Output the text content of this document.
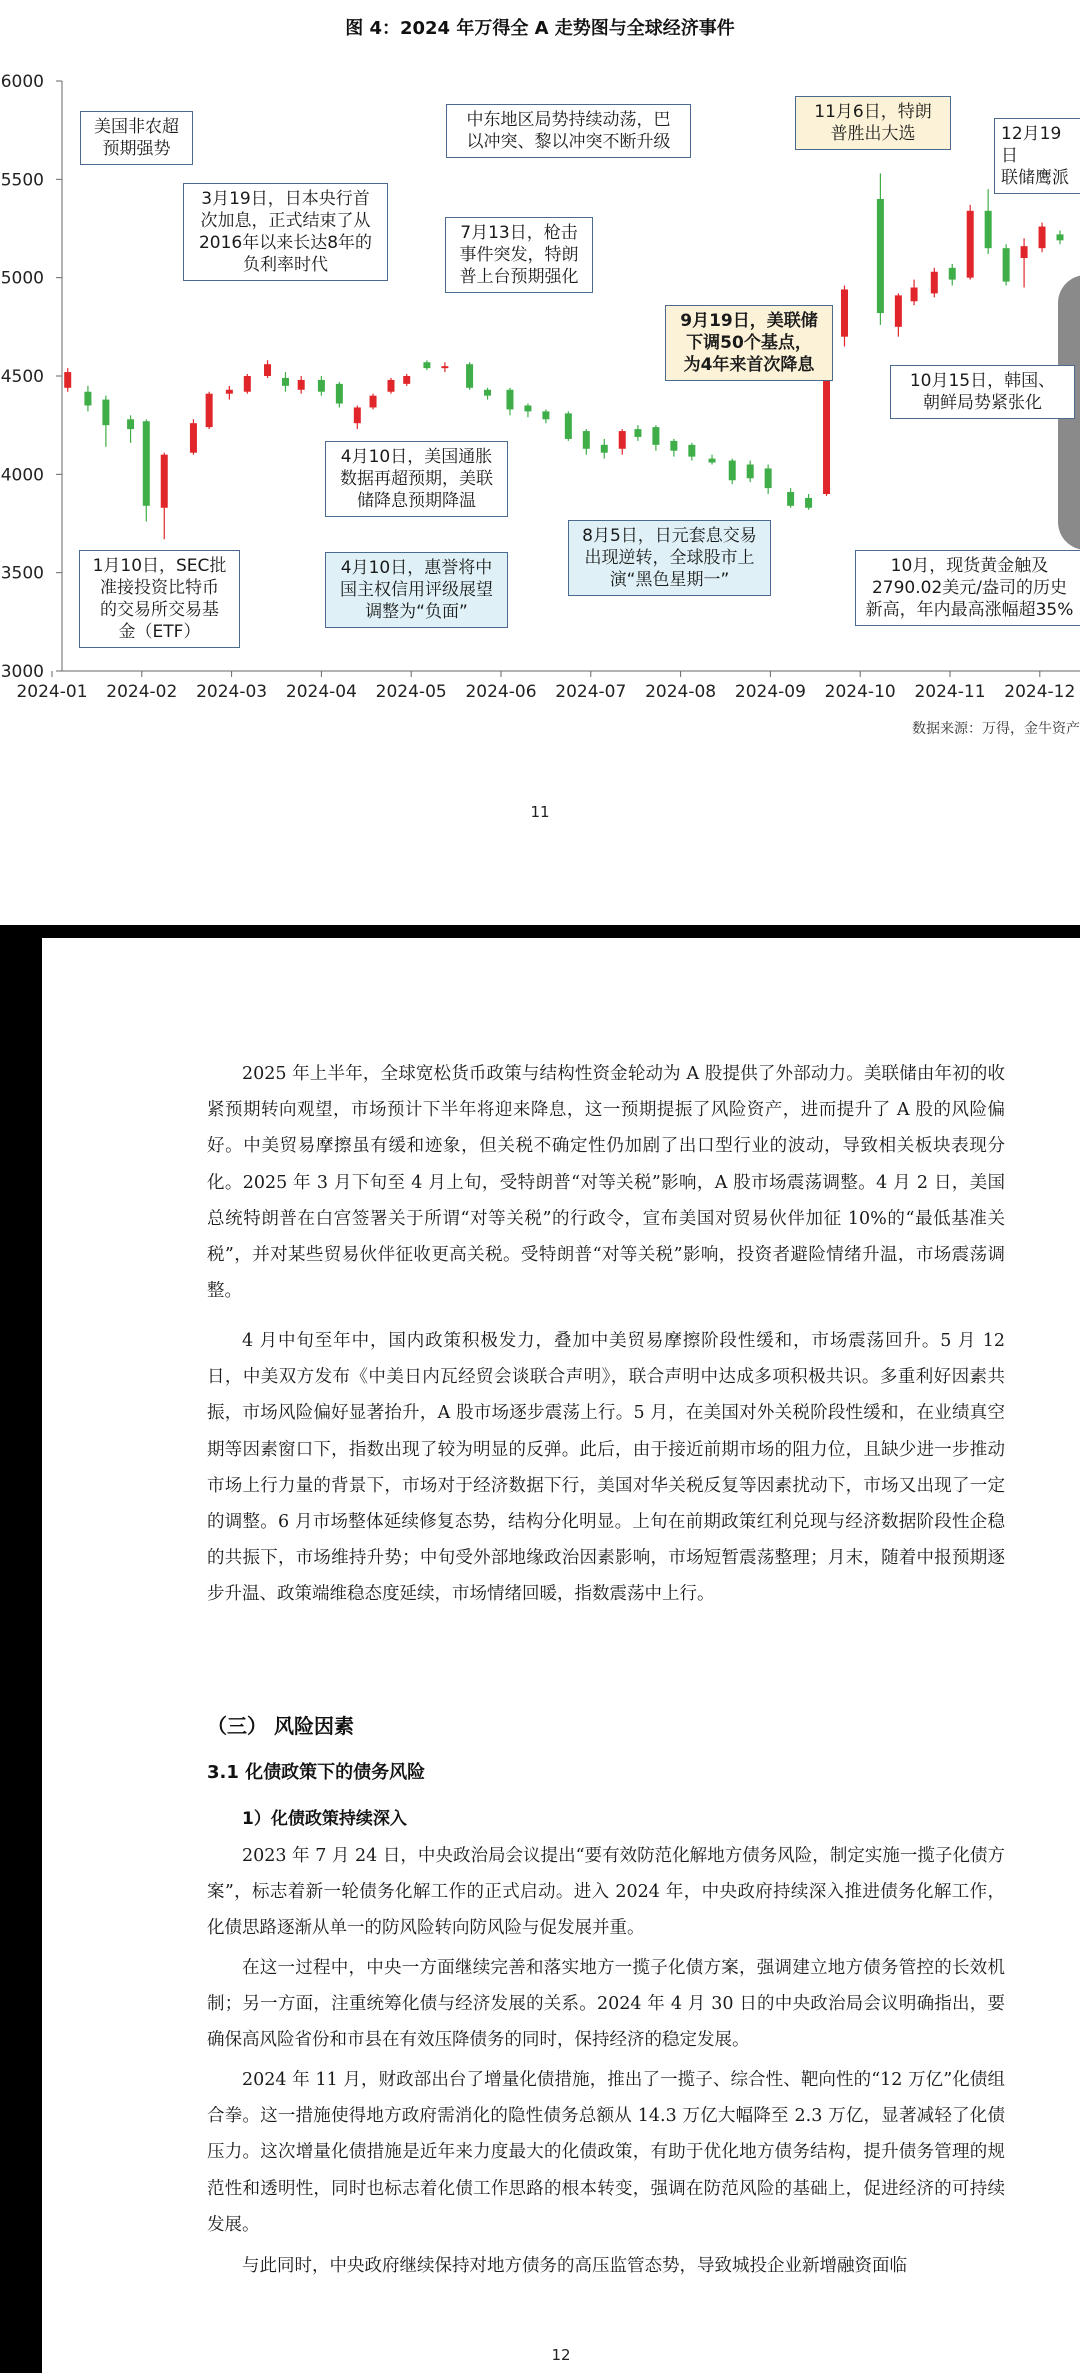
图 4：2024 年万得全 A 走势图与全球经济事件
3000
3500
4000
4500
5000
5500
6000
2024-01 2024-02 2024-03 2024-04 2024-05 2024-06 2024-07 2024-08 2024-09 2024-10 2024-11 2024-12
美国非农超
预期强势
3月19日，日本央行首
次加息，正式结束了从
2016年以来长达8年的
负利率时代
中东地区局势持续动荡，巴
以冲突、黎以冲突不断升级
7月13日，枪击
事件突发，特朗
普上台预期强化
11月6日，特朗
普胜出大选	12月19日
联储鹰派
9月19日，美联储
下调50个基点，
为4年来首次降息
10月15日，韩国、
朝鲜局势紧张化
4月10日，美国通胀
数据再超预期，美联
储降息预期降温
1月10日，SEC批
准接投资比特币
的交易所交易基
金（ETF）
4月10日，惠誉将中
国主权信用评级展望
调整为“负面”
8月5日，日元套息交易
出现逆转，全球股市上
演“黑色星期一”
10月，现货黄金触及
2790.02美元/盎司的历史
新高，年内最高涨幅超35%
数据来源：万得，金牛资产
11

2025 年上半年，全球宽松货币政策与结构性资金轮动为 A 股提供了外部动力。美联储由年初的收紧预期转向观望，市场预计下半年将迎来降息，这一预期提振了风险资产，进而提升了 A 股的风险偏好。中美贸易摩擦虽有缓和迹象，但关税不确定性仍加剧了出口型行业的波动，导致相关板块表现分化。2025 年 3 月下旬至 4 月上旬，受特朗普“对等关税”影响，A 股市场震荡调整。4 月 2 日，美国总统特朗普在白宫签署关于所谓“对等关税”的行政令，宣布美国对贸易伙伴加征 10%的“最低基准关税”，并对某些贸易伙伴征收更高关税。受特朗普“对等关税”影响，投资者避险情绪升温，市场震荡调整。

4 月中旬至年中，国内政策积极发力，叠加中美贸易摩擦阶段性缓和，市场震荡回升。5 月 12 日，中美双方发布《中美日内瓦经贸会谈联合声明》，联合声明中达成多项积极共识。多重利好因素共振，市场风险偏好显著抬升，A 股市场逐步震荡上行。5 月，在美国对外关税阶段性缓和，在业绩真空期等因素窗口下，指数出现了较为明显的反弹。此后，由于接近前期市场的阻力位，且缺少进一步推动市场上行力量的背景下，市场对于经济数据下行，美国对华关税反复等因素扰动下，市场又出现了一定的调整。6 月市场整体延续修复态势，结构分化明显。上旬在前期政策红利兑现与经济数据阶段性企稳的共振下，市场维持升势；中旬受外部地缘政治因素影响，市场短暂震荡整理；月末，随着中报预期逐步升温、政策端维稳态度延续，市场情绪回暖，指数震荡中上行。

（三） 风险因素
3.1 化债政策下的债务风险
1）化债政策持续深入

2023 年 7 月 24 日，中央政治局会议提出“要有效防范化解地方债务风险，制定实施一揽子化债方案”，标志着新一轮债务化解工作的正式启动。进入 2024 年，中央政府持续深入推进债务化解工作，化债思路逐渐从单一的防风险转向防风险与促发展并重。

在这一过程中，中央一方面继续完善和落实地方一揽子化债方案，强调建立地方债务管控的长效机制；另一方面，注重统筹化债与经济发展的关系。2024 年 4 月 30 日的中央政治局会议明确指出，要确保高风险省份和市县在有效压降债务的同时，保持经济的稳定发展。

2024 年 11 月，财政部出台了增量化债措施，推出了一揽子、综合性、靶向性的“12 万亿”化债组合拳。这一措施使得地方政府需消化的隐性债务总额从 14.3 万亿大幅降至 2.3 万亿，显著减轻了化债压力。这次增量化债措施是近年来力度最大的化债政策，有助于优化地方债务结构，提升债务管理的规范性和透明性，同时也标志着化债工作思路的根本转变，强调在防范风险的基础上，促进经济的可持续发展。

与此同时，中央政府继续保持对地方债务的高压监管态势，导致城投企业新增融资面临

12
